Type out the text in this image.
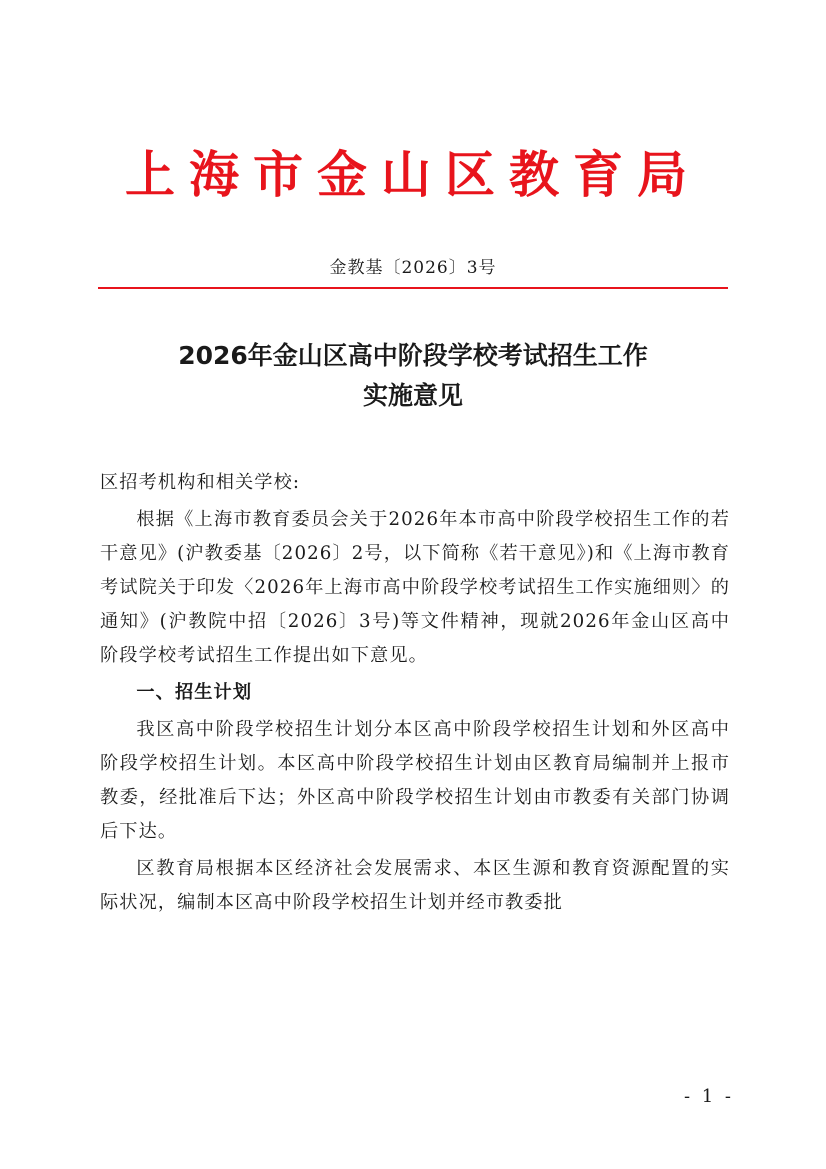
上海市金山区教育局
金教基〔2026〕3号
2026年金山区高中阶段学校考试招生工作
实施意见

区招考机构和相关学校:

根据《上海市教育委员会关于2026年本市高中阶段学校招生工作的若干意见》(沪教委基〔2026〕2号，以下简称《若干意见》)和《上海市教育考试院关于印发〈2026年上海市高中阶段学校考试招生工作实施细则〉的通知》(沪教院中招〔2026〕3号)等文件精神，现就2026年金山区高中阶段学校考试招生工作提出如下意见。

一、招生计划

我区高中阶段学校招生计划分本区高中阶段学校招生计划和外区高中阶段学校招生计划。本区高中阶段学校招生计划由区教育局编制并上报市教委，经批准后下达；外区高中阶段学校招生计划由市教委有关部门协调后下达。

区教育局根据本区经济社会发展需求、本区生源和教育资源配置的实际状况，编制本区高中阶段学校招生计划并经市教委批

- 1 -
